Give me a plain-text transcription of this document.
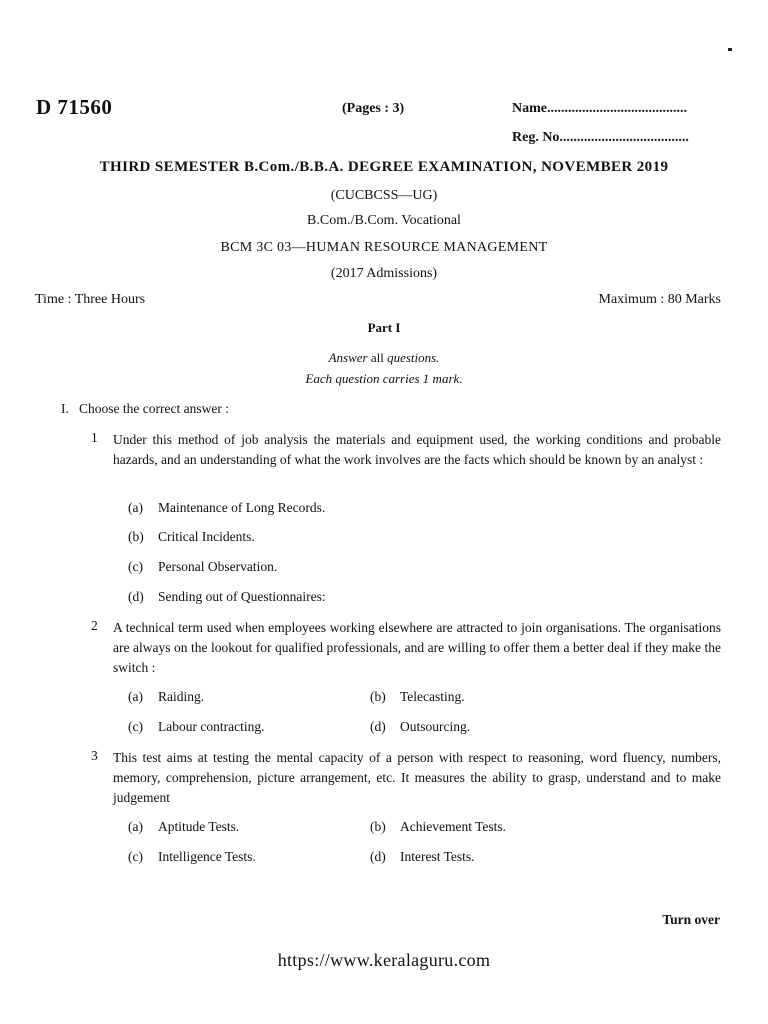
D 71560	(Pages : 3)	Name........................................
Reg. No.....................................
THIRD SEMESTER B.Com./B.B.A. DEGREE EXAMINATION, NOVEMBER 2019
(CUCBCSS—UG)
B.Com./B.Com. Vocational
BCM 3C 03—HUMAN RESOURCE MANAGEMENT
(2017 Admissions)
Time : Three Hours	Maximum : 80 Marks
Part I
Answer all questions.
Each question carries 1 mark.
I. Choose the correct answer :
1 Under this method of job analysis the materials and equipment used, the working conditions and probable hazards, and an understanding of what the work involves are the facts which should be known by an analyst :
(a) Maintenance of Long Records.
(b) Critical Incidents.
(c) Personal Observation.
(d) Sending out of Questionnaires:
2 A technical term used when employees working elsewhere are attracted to join organisations. The organisations are always on the lookout for qualified professionals, and are willing to offer them a better deal if they make the switch :
(a) Raiding.	(b) Telecasting.
(c) Labour contracting.	(d) Outsourcing.
3 This test aims at testing the mental capacity of a person with respect to reasoning, word fluency, numbers, memory, comprehension, picture arrangement, etc. It measures the ability to grasp, understand and to make judgement
(a) Aptitude Tests.	(b) Achievement Tests.
(c) Intelligence Tests.	(d) Interest Tests.
Turn over
https://www.keralaguru.com
